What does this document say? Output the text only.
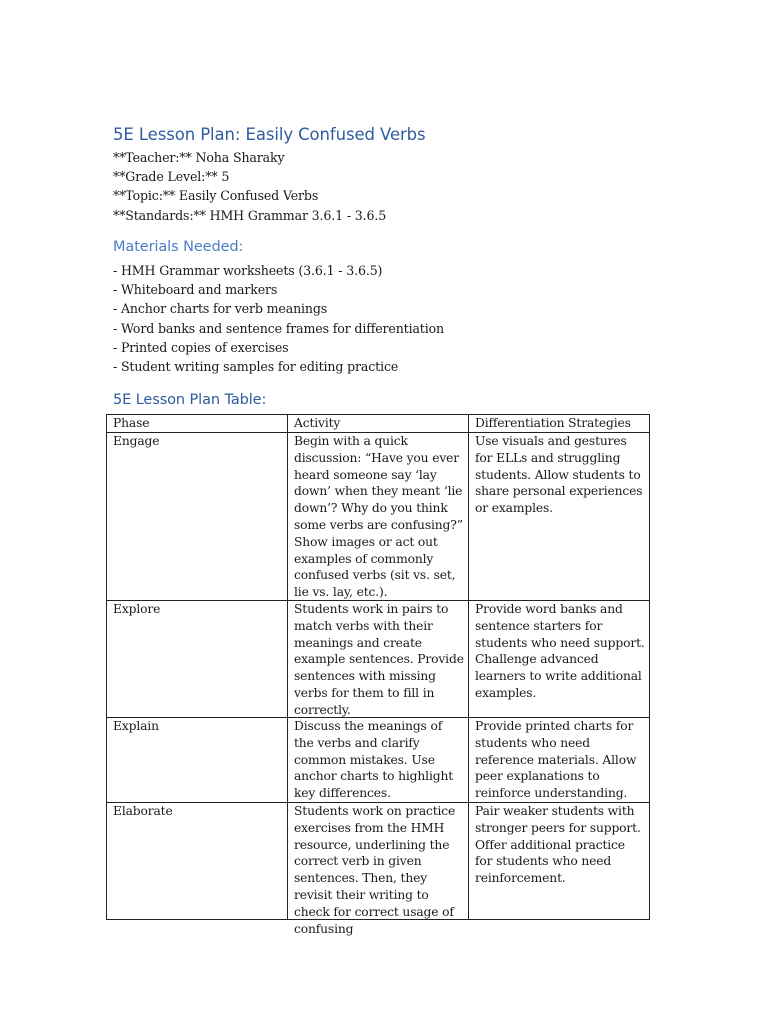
5E Lesson Plan: Easily Confused Verbs
**Teacher:** Noha Sharaky
**Grade Level:** 5
**Topic:** Easily Confused Verbs
**Standards:** HMH Grammar 3.6.1 - 3.6.5
Materials Needed:
- HMH Grammar worksheets (3.6.1 - 3.6.5)
- Whiteboard and markers
- Anchor charts for verb meanings
- Word banks and sentence frames for differentiation
- Printed copies of exercises
- Student writing samples for editing practice
5E Lesson Plan Table:
Phase	Activity	Differentiation Strategies

Engage	Begin with a quick discussion: “Have you ever heard someone say ‘lay down’ when they meant ‘lie down’? Why do you think some verbs are confusing?” Show images or act out examples of commonly confused verbs (sit vs. set, lie vs. lay, etc.).	Use visuals and gestures for ELLs and struggling students. Allow students to share personal experiences or examples.

Explore	Students work in pairs to match verbs with their meanings and create example sentences. Provide sentences with missing verbs for them to fill in correctly.	Provide word banks and sentence starters for students who need support. Challenge advanced learners to write additional examples.

Explain	Discuss the meanings of the verbs and clarify common mistakes. Use anchor charts to highlight key differences.	Provide printed charts for students who need reference materials. Allow peer explanations to reinforce understanding.

Elaborate	Students work on practice exercises from the HMH resource, underlining the correct verb in given sentences. Then, they revisit their writing to check for correct usage of confusing	Pair weaker students with stronger peers for support. Offer additional practice for students who need reinforcement.
